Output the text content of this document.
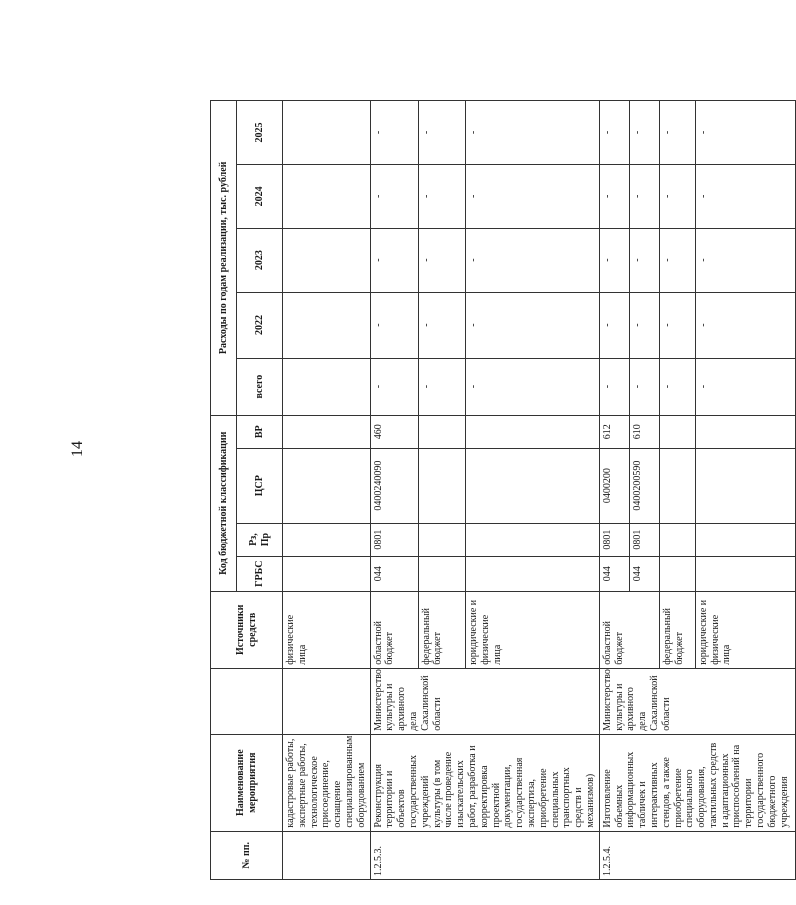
14
№ пп.	Наименование мероприятия		Источники средств	Код бюджетной классификации				Расходы по годам реализации, тыс. рублей				
				ГРБС	Рз, Пр	ЦСР	ВР	всего	2022	2023	2024	2025
	кадастровые работы, экспертные работы, технологическое присоединение, оснащение специализированным оборудованием		физические лица									
1.2.5.3.	Реконструкция территории и объектов государственных учреждений культуры (в том числе проведение изыскательских работ, разработка и корректировка проектной документации, государственная экспертиза, приобретение специальных транспортных средств и механизмов)	Министерство культуры и архивного дела Сахалинской области	областной бюджет	044	0801	0400240090	460	-	-	-	-	-
			федеральный бюджет					-	-	-	-	-
			юридические и физические лица					-	-	-	-	-
1.2.5.4.	Изготовление объемных информационных табличек и интерактивных стендов, а также приобретение специального оборудования, тактильных средств и адаптационных приспособлений на территории государственного бюджетного учреждения	Министерство культуры и архивного дела Сахалинской области	областной бюджет	044	0801	0400200	612	-	-	-	-	-
				044	0801	0400200590	610	-	-	-	-	-
			федеральный бюджет					-	-	-	-	-
			юридические и физические лица					-	-	-	-	-
